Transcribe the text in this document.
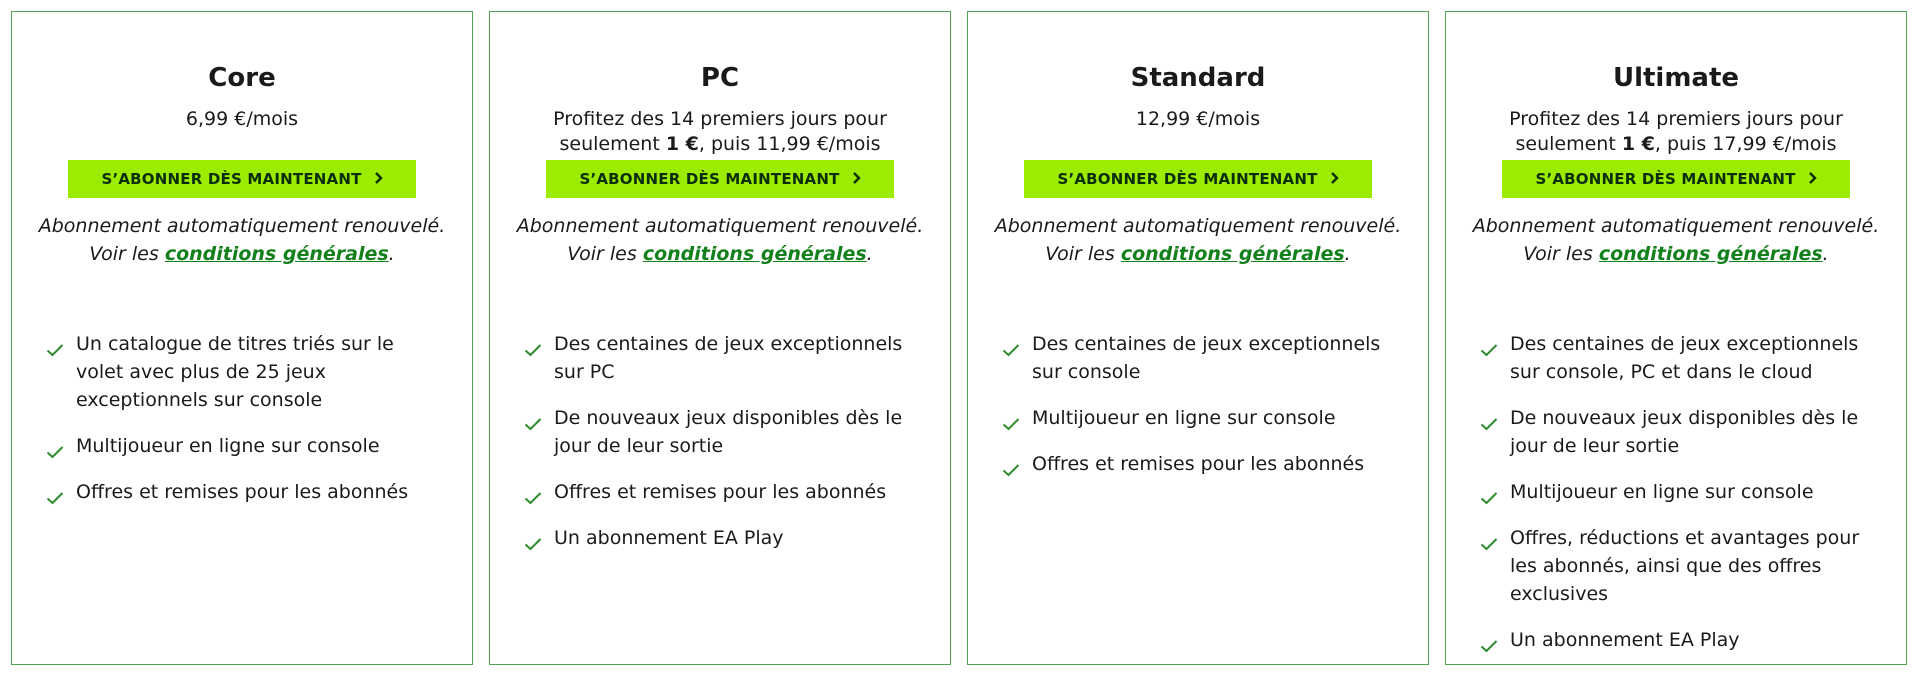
Core
6,99 €/mois
S’ABONNER DÈS MAINTENANT
Abonnement automatiquement renouvelé.
Voir les conditions générales.
Un catalogue de titres triés sur le volet avec plus de 25 jeux exceptionnels sur console
Multijoueur en ligne sur console
Offres et remises pour les abonnés
PC
Profitez des 14 premiers jours pour
seulement 1 €, puis 11,99 €/mois
S’ABONNER DÈS MAINTENANT
Abonnement automatiquement renouvelé.
Voir les conditions générales.
Des centaines de jeux exceptionnels sur PC
De nouveaux jeux disponibles dès le jour de leur sortie
Offres et remises pour les abonnés
Un abonnement EA Play
Standard
12,99 €/mois
S’ABONNER DÈS MAINTENANT
Abonnement automatiquement renouvelé.
Voir les conditions générales.
Des centaines de jeux exceptionnels sur console
Multijoueur en ligne sur console
Offres et remises pour les abonnés
Ultimate
Profitez des 14 premiers jours pour
seulement 1 €, puis 17,99 €/mois
S’ABONNER DÈS MAINTENANT
Abonnement automatiquement renouvelé.
Voir les conditions générales.
Des centaines de jeux exceptionnels sur console, PC et dans le cloud
De nouveaux jeux disponibles dès le jour de leur sortie
Multijoueur en ligne sur console
Offres, réductions et avantages pour les abonnés, ainsi que des offres exclusives
Un abonnement EA Play
